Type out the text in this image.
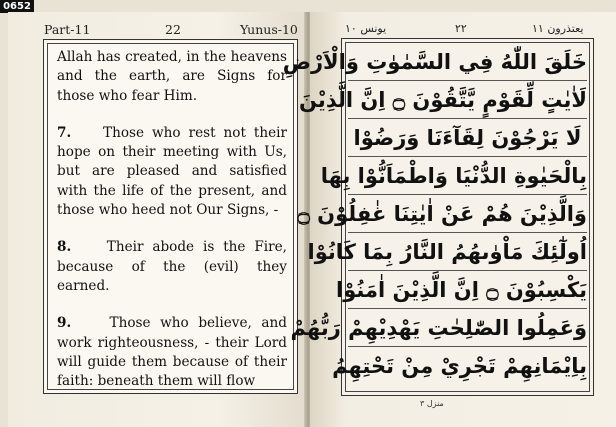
0652
Part-11	22	Yunus-10

Allah has created, in the heavens and the earth, are Signs for those who fear Him.

7. Those who rest not their hope on their meeting with Us, but are pleased and satisfied with the life of the present, and those who heed not Our Signs, -

8.	Their abode is the Fire, because of the (evil) they earned.

9.	Those who believe, and work righteousness, - their Lord will guide them because of their faith: beneath them will flow

يونس ١٠	٢٢	يعتذرون ١١
خَلَقَ اللّٰهُ فِي السَّمٰوٰتِ وَالْاَرْضِ
لَاٰيٰتٍ لِّقَوْمٍ يَّتَّقُوْنَ ۝ اِنَّ الَّذِيْنَ
لَا يَرْجُوْنَ لِقَآءَنَا وَرَضُوْا
بِالْحَيٰوةِ الدُّنْيَا وَاطْمَاَنُّوْا بِهَا
وَالَّذِيْنَ هُمْ عَنْ اٰيٰتِنَا غٰفِلُوْنَ ۝
اُولٰٓئِكَ مَاْوٰىهُمُ النَّارُ بِمَا كَانُوْا
يَكْسِبُوْنَ ۝ اِنَّ الَّذِيْنَ اٰمَنُوْا
وَعَمِلُوا الصّٰلِحٰتِ يَهْدِيْهِمْ رَبُّهُمْ
بِاِيْمَانِهِمْ تَجْرِيْ مِنْ تَحْتِهِمُ
منزل ٣
